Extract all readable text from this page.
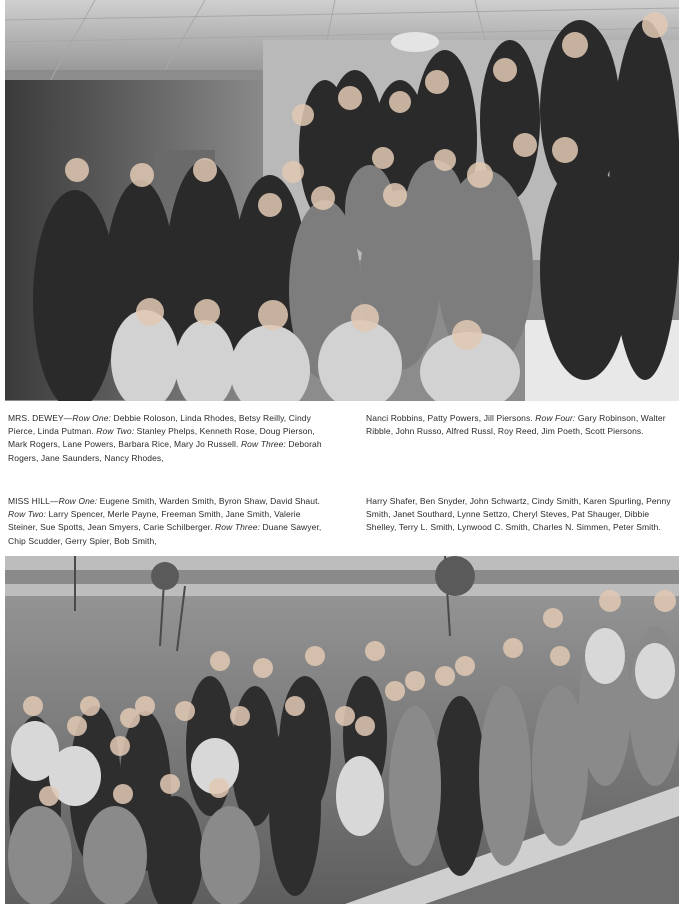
MRS. DEWEY—Row One: Debbie Roloson, Linda Rhodes, Betsy Reilly, Cindy Pierce, Linda Putman. Row Two: Stanley Phelps, Kenneth Rose, Doug Pierson, Mark Rogers, Lane Powers, Barbara Rice, Mary Jo Russell. Row Three: Deborah Rogers, Jane Saunders, Nancy Rhodes,

Nanci Robbins, Patty Powers, Jill Piersons. Row Four: Gary Robinson, Walter Ribble, John Russo, Alfred Russl, Roy Reed, Jim Poeth, Scott Piersons.

MISS HILL—Row One: Eugene Smith, Warden Smith, Byron Shaw, David Shaut. Row Two: Larry Spencer, Merle Payne, Freeman Smith, Jane Smith, Valerie Steiner, Sue Spotts, Jean Smyers, Carie Schilberger. Row Three: Duane Sawyer, Chip Scudder, Gerry Spier, Bob Smith,

Harry Shafer, Ben Snyder, John Schwartz, Cindy Smith, Karen Spurling, Penny Smith, Janet Southard, Lynne Settzo, Cheryl Steves, Pat Shauger, Dibbie Shelley, Terry L. Smith, Lynwood C. Smith, Charles N. Simmen, Peter Smith.
